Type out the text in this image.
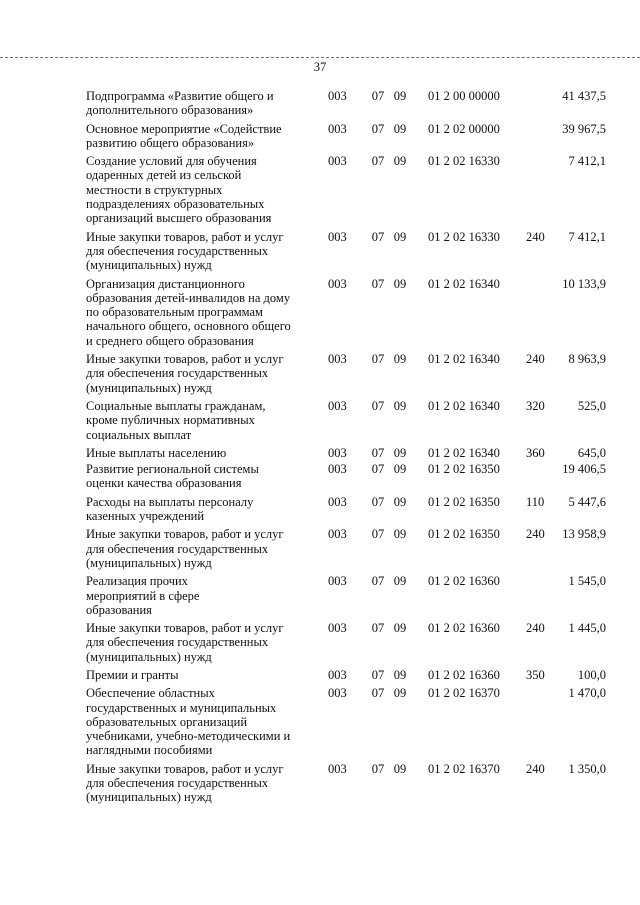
37
Подпрограмма «Развитие общего и
дополнительного образования»
003	07 09	01 2 00 00000	41 437,5
Основное мероприятие «Содействие
развитию общего образования»
003	07 09	01 2 02 00000	39 967,5
Создание условий для обучения
одаренных детей из сельской
местности в структурных
подразделениях образовательных
организаций высшего образования
003	07 09	01 2 02 16330	7 412,1
Иные закупки товаров, работ и услуг
для обеспечения государственных
(муниципальных) нужд
003	07 09	01 2 02 16330	240	7 412,1
Организация дистанционного
образования детей-инвалидов на дому
по образовательным программам
начального общего, основного общего
и среднего общего образования
003	07 09	01 2 02 16340	10 133,9
Иные закупки товаров, работ и услуг
для обеспечения государственных
(муниципальных) нужд
003	07 09	01 2 02 16340	240	8 963,9
Социальные выплаты гражданам,
кроме публичных нормативных
социальных выплат
003	07 09	01 2 02 16340	320	525,0
Иные выплаты населению	003	07 09	01 2 02 16340	360	645,0
Развитие региональной системы
оценки качества образования
003	07 09	01 2 02 16350	19 406,5
Расходы на выплаты персоналу
казенных учреждений
003	07 09	01 2 02 16350	110	5 447,6
Иные закупки товаров, работ и услуг
для обеспечения государственных
(муниципальных) нужд
003	07 09	01 2 02 16350	240	13 958,9
Реализация прочих
мероприятий в сфере
образования
003	07 09	01 2 02 16360	1 545,0
Иные закупки товаров, работ и услуг
для обеспечения государственных
(муниципальных) нужд
003	07 09	01 2 02 16360	240	1 445,0
Премии и гранты	003	07 09	01 2 02 16360	350	100,0
Обеспечение областных
государственных и муниципальных
образовательных организаций
учебниками, учебно-методическими и
наглядными пособиями
003	07 09	01 2 02 16370	1 470,0
Иные закупки товаров, работ и услуг
для обеспечения государственных
(муниципальных) нужд
003	07 09	01 2 02 16370	240	1 350,0
